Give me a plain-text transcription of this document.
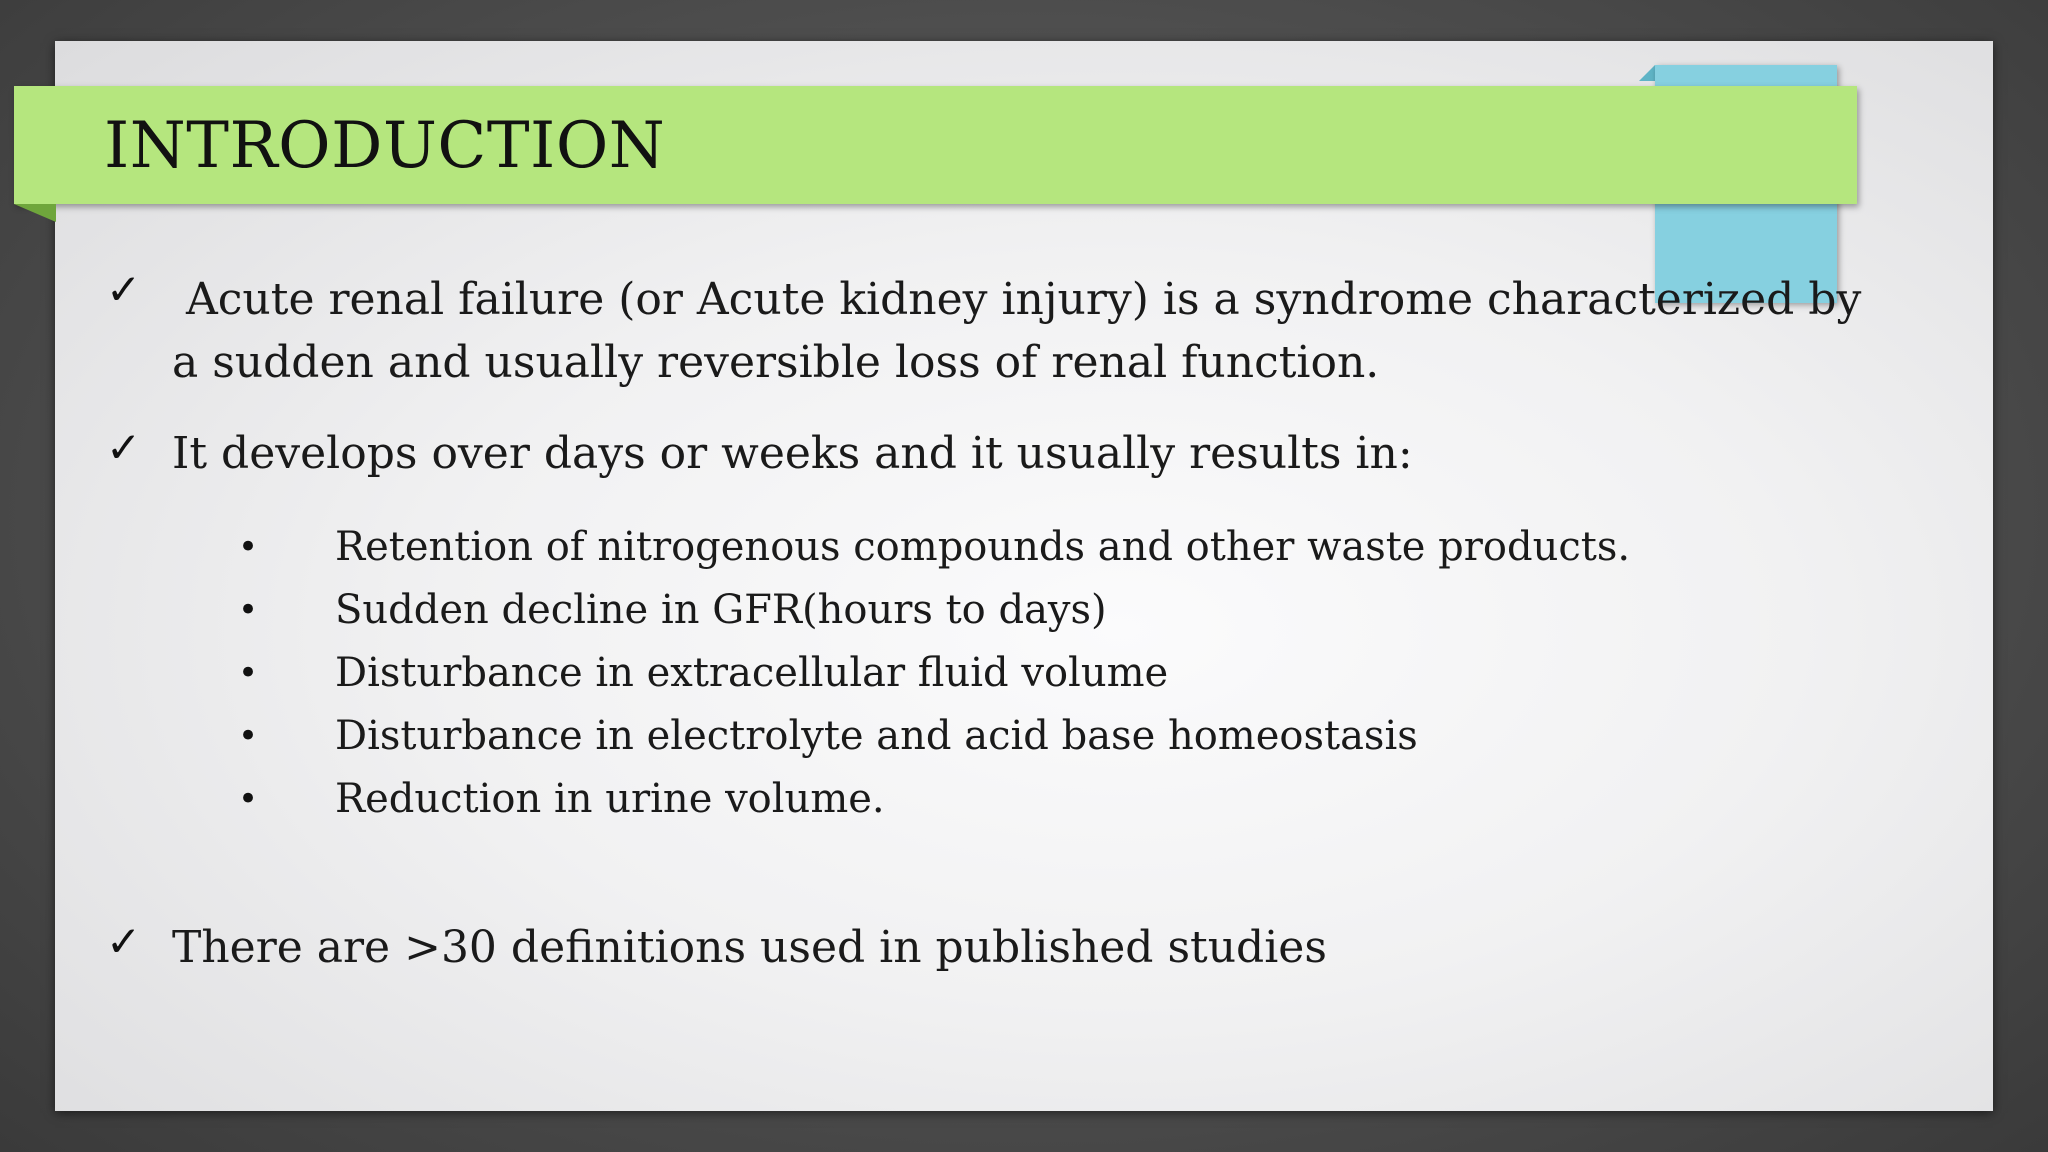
INTRODUCTION
✓ Acute renal failure (or Acute kidney injury) is a syndrome characterized by a sudden and usually reversible loss of renal function.

✓ It develops over days or weeks and it usually results in:

• Retention of nitrogenous compounds and other waste products.
• Sudden decline in GFR(hours to days)
• Disturbance in extracellular fluid volume
• Disturbance in electrolyte and acid base homeostasis
• Reduction in urine volume.
✓ There are >30 definitions used in published studies
